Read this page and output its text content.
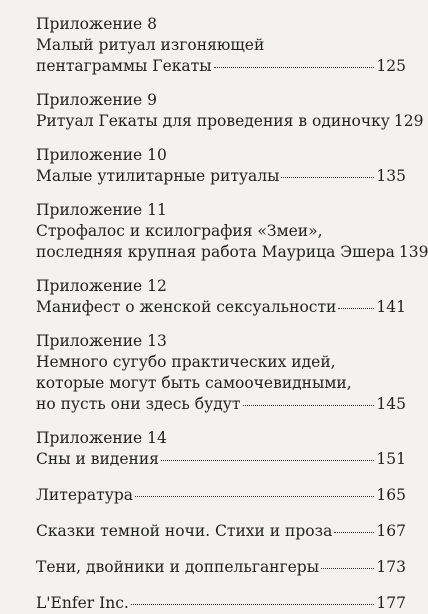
Приложение 8
Малый ритуал изгоняющей
пентаграммы Гекаты	125
Приложение 9
Ритуал Гекаты для проведения в одиночку 129
Приложение 10
Малые утилитарные ритуалы	135
Приложение 11
Строфалос и ксилография «Змеи»,
последняя крупная работа Маурица Эшера 139
Приложение 12
Манифест о женской сексуальности	141
Приложение 13
Немного сугубо практических идей,
которые могут быть самоочевидными,
но пусть они здесь будут	145
Приложение 14
Сны и видения	151
Литература	165
Сказки темной ночи. Стихи и проза	167
Тени, двойники и доппельгангеры	173
L'Enfer Inc.	177
